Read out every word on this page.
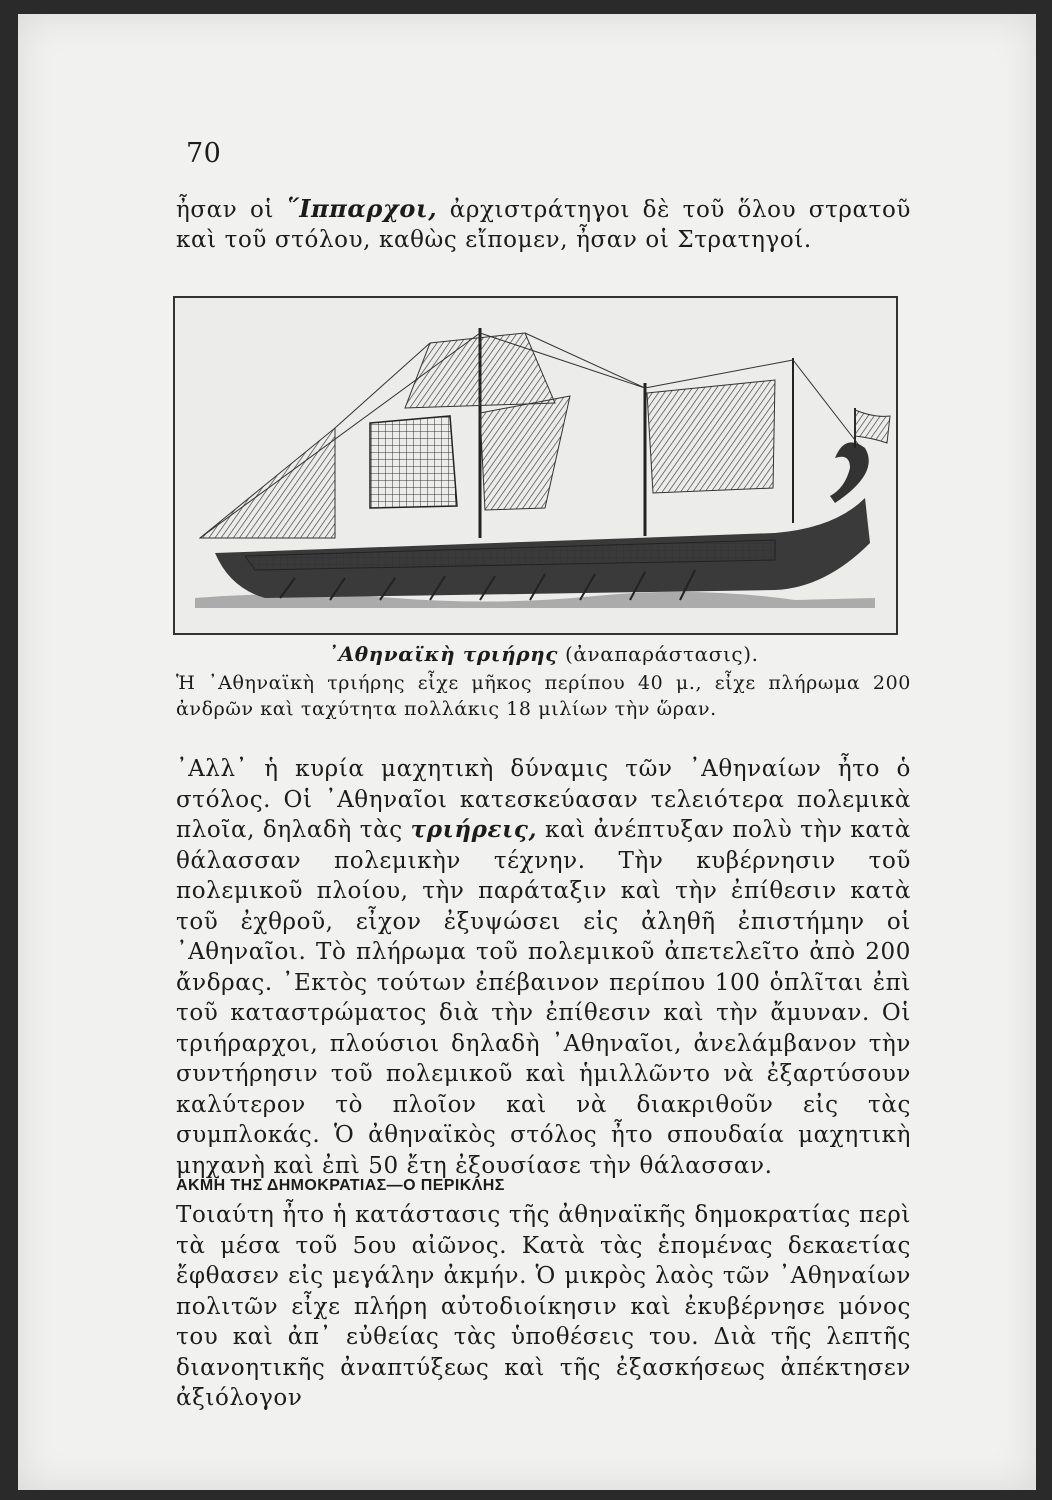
70

ἦσαν οἱ ῞Ιππαρχοι, ἀρχιστράτηγοι δὲ τοῦ ὅλου στρατοῦ καὶ τοῦ στόλου, καθὼς εἴπομεν, ἦσαν οἱ Στρατηγοί.

᾿Αθηναϊκὴ τριήρης (ἀναπαράστασις).

Ἡ ᾿Αθηναϊκὴ τριήρης εἶχε μῆκος περίπου 40 μ., εἶχε πλήρωμα 200 ἀνδρῶν καὶ ταχύτητα πολλάκις 18 μιλίων τὴν ὥραν.

᾿Αλλ᾿ ἡ κυρία μαχητικὴ δύναμις τῶν ᾿Αθηναίων ἦτο ὁ στόλος. Οἱ ᾿Αθηναῖοι κατεσκεύασαν τελειότερα πολεμικὰ πλοῖα, δηλαδὴ τὰς τριήρεις, καὶ ἀνέπτυξαν πολὺ τὴν κατὰ θάλασσαν πολεμικὴν τέχνην. Τὴν κυβέρνησιν τοῦ πολεμικοῦ πλοίου, τὴν παράταξιν καὶ τὴν ἐπίθεσιν κατὰ τοῦ ἐχθροῦ, εἶχον ἐξυψώσει εἰς ἀληθῆ ἐπιστήμην οἱ ᾿Αθηναῖοι. Τὸ πλήρωμα τοῦ πολεμικοῦ ἀπετελεῖτο ἀπὸ 200 ἄνδρας. ᾿Εκτὸς τούτων ἐπέβαινον περίπου 100 ὁπλῖται ἐπὶ τοῦ καταστρώματος διὰ τὴν ἐπίθεσιν καὶ τὴν ἄμυναν. Οἱ τριήραρχοι, πλούσιοι δηλαδὴ ᾿Αθηναῖοι, ἀνελάμβανον τὴν συντήρησιν τοῦ πολεμικοῦ καὶ ἡμιλλῶντο νὰ ἐξαρτύσουν καλύτερον τὸ πλοῖον καὶ νὰ διακριθοῦν εἰς τὰς συμπλοκάς. Ὁ ἀθηναϊκὸς στόλος ἦτο σπουδαία μαχητικὴ μηχανὴ καὶ ἐπὶ 50 ἔτη ἐξουσίασε τὴν θάλασσαν.

ΑΚΜΗ ΤΗΣ ΔΗΜΟΚΡΑΤΙΑΣ—Ο ΠΕΡΙΚΛΗΣ

Τοιαύτη ἦτο ἡ κατάστασις τῆς ἀθηναϊκῆς δημοκρατίας περὶ τὰ μέσα τοῦ 5ου αἰῶνος. Κατὰ τὰς ἑπομένας δεκαετίας ἔφθασεν εἰς μεγάλην ἀκμήν. Ὁ μικρὸς λαὸς τῶν ᾿Αθηναίων πολιτῶν εἶχε πλήρη αὐτοδιοίκησιν καὶ ἐκυβέρνησε μόνος του καὶ ἀπ᾿ εὐθείας τὰς ὑποθέσεις του. Διὰ τῆς λεπτῆς διανοητικῆς ἀναπτύξεως καὶ τῆς ἐξασκήσεως ἀπέκτησεν ἀξιόλογον
